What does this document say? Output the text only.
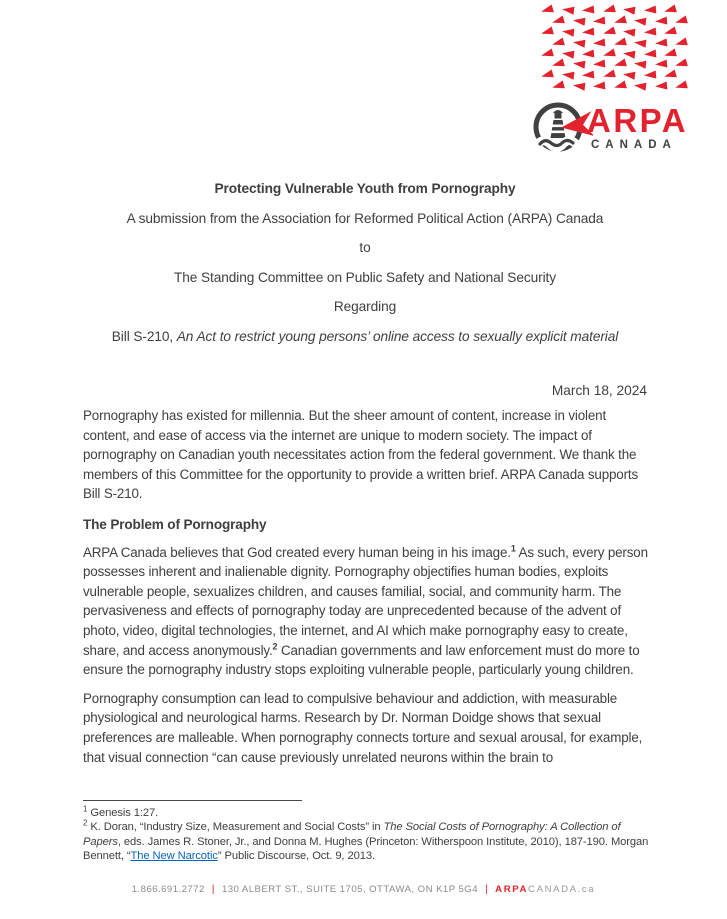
ARPA
CANADA

Protecting Vulnerable Youth from Pornography

A submission from the Association for Reformed Political Action (ARPA) Canada

to

The Standing Committee on Public Safety and National Security

Regarding

Bill S-210, An Act to restrict young persons’ online access to sexually explicit material

March 18, 2024

Pornography has existed for millennia. But the sheer amount of content, increase in violent content, and ease of access via the internet are unique to modern society. The impact of pornography on Canadian youth necessitates action from the federal government. We thank the members of this Committee for the opportunity to provide a written brief. ARPA Canada supports Bill S-210.

The Problem of Pornography

ARPA Canada believes that God created every human being in his image.$^1$ As such, every person possesses inherent and inalienable dignity. Pornography objectifies human bodies, exploits vulnerable people, sexualizes children, and causes familial, social, and community harm. The pervasiveness and effects of pornography today are unprecedented because of the advent of photo, video, digital technologies, the internet, and AI which make pornography easy to create, share, and access anonymously.$^2$ Canadian governments and law enforcement must do more to ensure the pornography industry stops exploiting vulnerable people, particularly young children.

Pornography consumption can lead to compulsive behaviour and addiction, with measurable physiological and neurological harms. Research by Dr. Norman Doidge shows that sexual preferences are malleable. When pornography connects torture and sexual arousal, for example, that visual connection “can cause previously unrelated neurons within the brain to

$^1$ Genesis 1:27.

$^2$ K. Doran, “Industry Size, Measurement and Social Costs” in The Social Costs of Pornography: A Collection of Papers, eds. James R. Stoner, Jr., and Donna M. Hughes (Princeton: Witherspoon Institute, 2010), 187-190. Morgan Bennett, “The New Narcotic” Public Discourse, Oct. 9, 2013.

1.866.691.2772 | 130 ALBERT ST., SUITE 1705, OTTAWA, ON K1P 5G4 | ARPACANADA.ca
